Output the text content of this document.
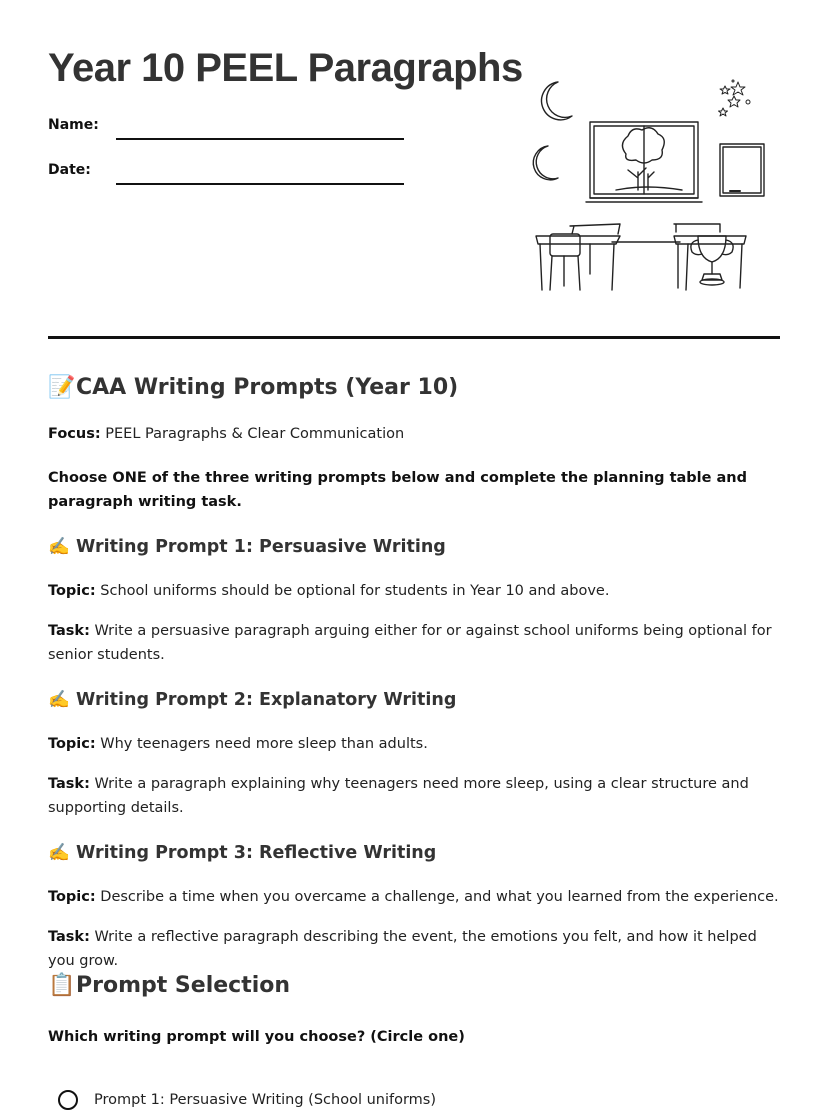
Year 10 PEEL Paragraphs
Name:
Date:
📝CAA Writing Prompts (Year 10)

Focus: PEEL Paragraphs & Clear Communication

Choose ONE of the three writing prompts below and complete the planning table and paragraph writing task.

✍️ Writing Prompt 1: Persuasive Writing

Topic: School uniforms should be optional for students in Year 10 and above.

Task: Write a persuasive paragraph arguing either for or against school uniforms being optional for senior students.

✍️ Writing Prompt 2: Explanatory Writing

Topic: Why teenagers need more sleep than adults.

Task: Write a paragraph explaining why teenagers need more sleep, using a clear structure and supporting details.

✍️ Writing Prompt 3: Reflective Writing

Topic: Describe a time when you overcame a challenge, and what you learned from the experience.

Task: Write a reflective paragraph describing the event, the emotions you felt, and how it helped you grow.

📋Prompt Selection

Which writing prompt will you choose? (Circle one)

Prompt 1: Persuasive Writing (School uniforms)
